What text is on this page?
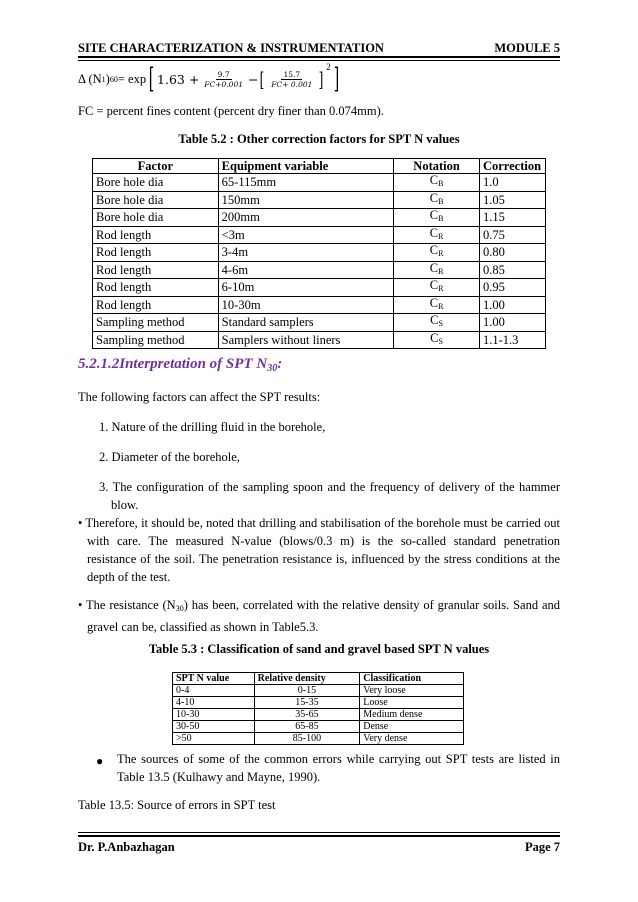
SITE CHARACTERIZATION & INSTRUMENTATION	MODULE 5
Δ (N 1 ) 60 = exp [ $1.63 + \frac{9.7}{FC+0.001}$ − [ $\frac{15.7}{FC+ 0.001}$ ] 2 ]
FC = percent fines content (percent dry finer than 0.074mm).
Table 5.2 : Other correction factors for SPT N values
Factor	Equipment variable	Notation	Correction
Bore hole dia	65-115mm	$C_B$	1.0
Bore hole dia	150mm	$C_B$	1.05
Bore hole dia	200mm	$C_B$	1.15
Rod length	<3m	$C_R$	0.75
Rod length	3-4m	$C_R$	0.80
Rod length	4-6m	$C_R$	0.85
Rod length	6-10m	$C_R$	0.95
Rod length	10-30m	$C_R$	1.00
Sampling method	Standard samplers	$C_S$	1.00
Sampling method	Samplers without liners	$C_S$	1.1-1.3
5.2.1.2Interpretation of SPT $N_{30}$:
The following factors can affect the SPT results:
1. Nature of the drilling fluid in the borehole,
2. Diameter of the borehole,
3. The configuration of the sampling spoon and the frequency of delivery of the hammer blow.
• Therefore, it should be, noted that drilling and stabilisation of the borehole must be carried out with care. The measured N-value (blows/0.3 m) is the so-called standard penetration resistance of the soil. The penetration resistance is, influenced by the stress conditions at the depth of the test.
• The resistance $(N_{30})$ has been, correlated with the relative density of granular soils. Sand and gravel can be, classified as shown in Table5.3.
Table 5.3 : Classification of sand and gravel based SPT N values
SPT N value	Relative density	Classification
0-4	0-15	Very loose
4-10	15-35	Loose
10-30	35-65	Medium dense
30-50	65-85	Dense
>50	85-100	Very dense
● The sources of some of the common errors while carrying out SPT tests are listed in Table 13.5 (Kulhawy and Mayne, 1990).
Table 13.5: Source of errors in SPT test
Dr. P.Anbazhagan	Page 7
